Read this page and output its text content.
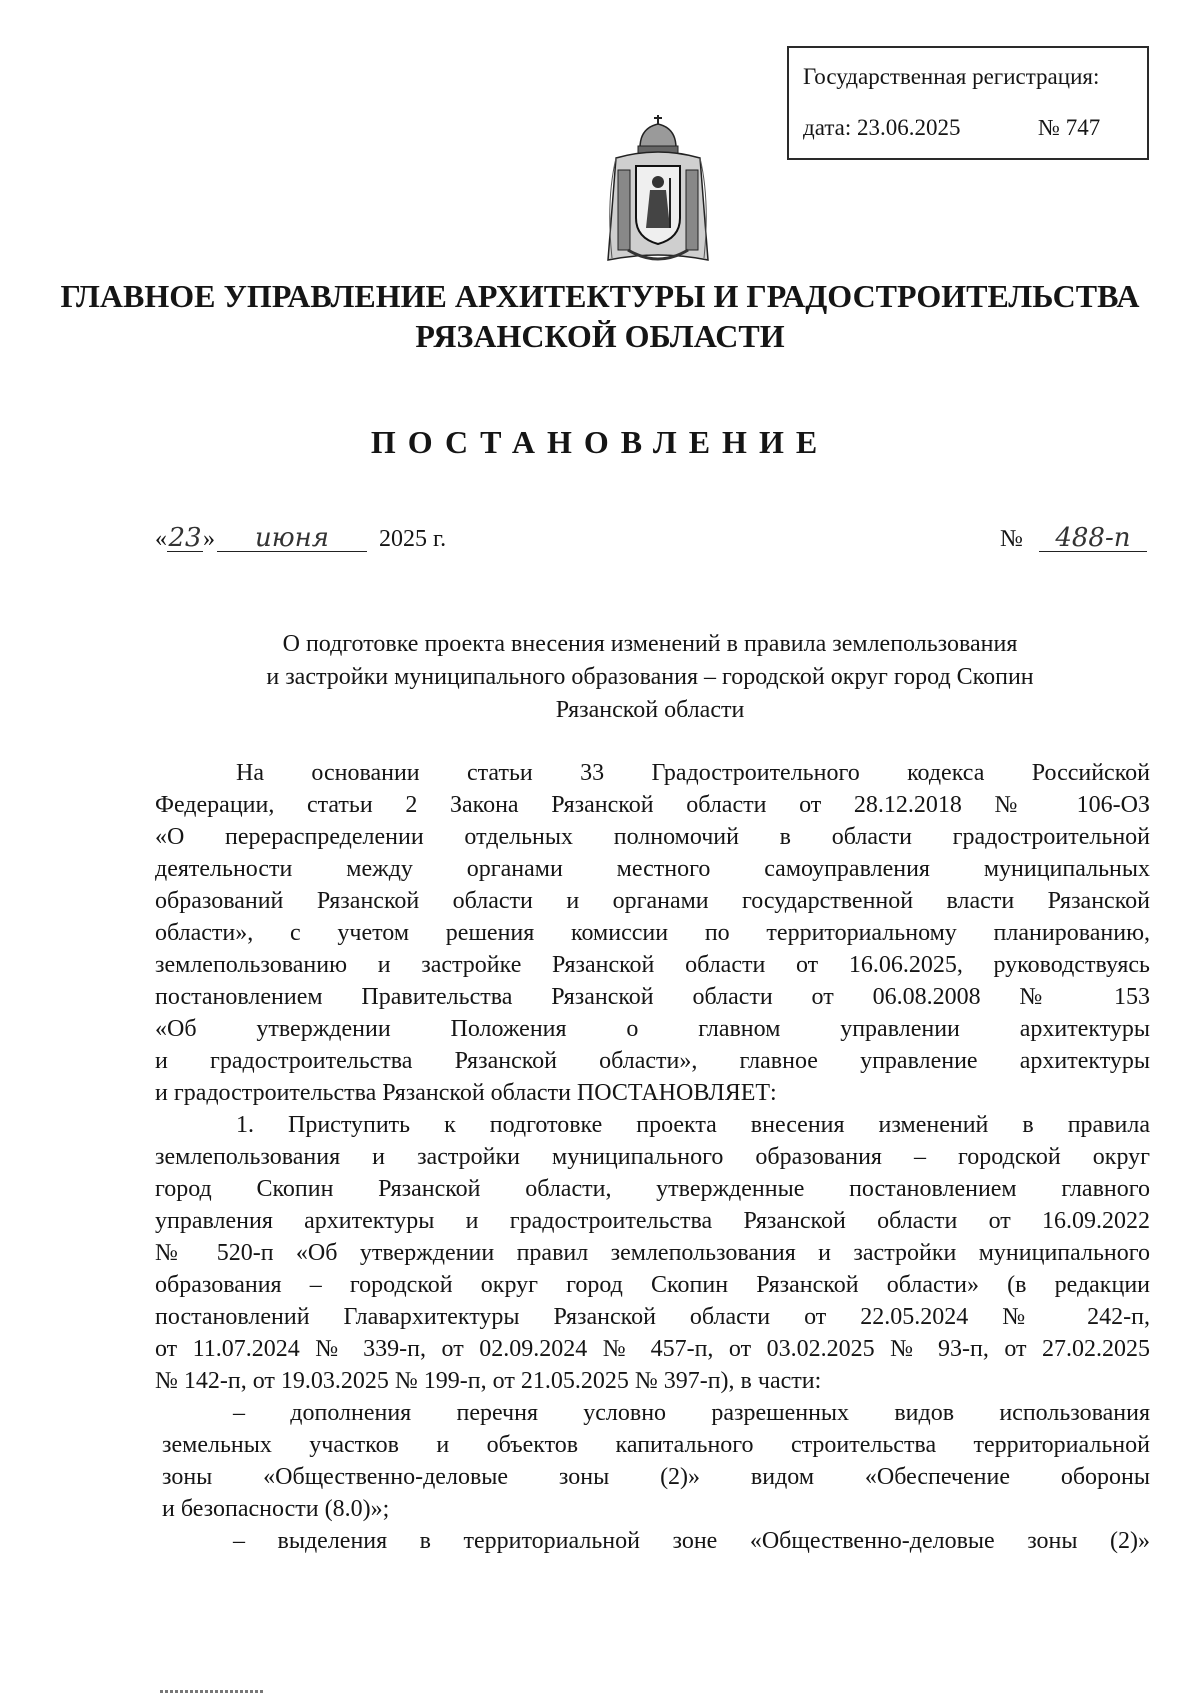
Государственная регистрация:
дата: 23.06.2025	№ 747
ГЛАВНОЕ УПРАВЛЕНИЕ АРХИТЕКТУРЫ И ГРАДОСТРОИТЕЛЬСТВА
РЯЗАНСКОЙ ОБЛАСТИ
ПОСТАНОВЛЕНИЕ
«23» июня 2025 г.	№ 488-п
О подготовке проекта внесения изменений в правила землепользования
и застройки муниципального образования – городской округ город Скопин
Рязанской области
На основании статьи 33 Градостроительного кодекса Российской
Федерации, статьи 2 Закона Рязанской области от 28.12.2018 № 106-ОЗ
«О перераспределении отдельных полномочий в области градостроительной
деятельности между органами местного самоуправления муниципальных
образований Рязанской области и органами государственной власти Рязанской
области», с учетом решения комиссии по территориальному планированию,
землепользованию и застройке Рязанской области от 16.06.2025, руководствуясь
постановлением Правительства Рязанской области от 06.08.2008 № 153
«Об утверждении Положения о главном управлении архитектуры
и градостроительства Рязанской области», главное управление архитектуры
и градостроительства Рязанской области ПОСТАНОВЛЯЕТ:
1. Приступить к подготовке проекта внесения изменений в правила
землепользования и застройки муниципального образования – городской округ
город Скопин Рязанской области, утвержденные постановлением главного
управления архитектуры и градостроительства Рязанской области от 16.09.2022
№ 520-п «Об утверждении правил землепользования и застройки муниципального
образования – городской округ город Скопин Рязанской области» (в редакции
постановлений Главархитектуры Рязанской области от 22.05.2024 № 242-п,
от 11.07.2024 № 339-п, от 02.09.2024 № 457-п, от 03.02.2025 № 93-п, от 27.02.2025
№ 142-п, от 19.03.2025 № 199-п, от 21.05.2025 № 397-п), в части:
– дополнения перечня условно разрешенных видов использования
земельных участков и объектов капитального строительства территориальной
зоны «Общественно-деловые зоны (2)» видом «Обеспечение обороны
и безопасности (8.0)»;
– выделения в территориальной зоне «Общественно-деловые зоны (2)»
